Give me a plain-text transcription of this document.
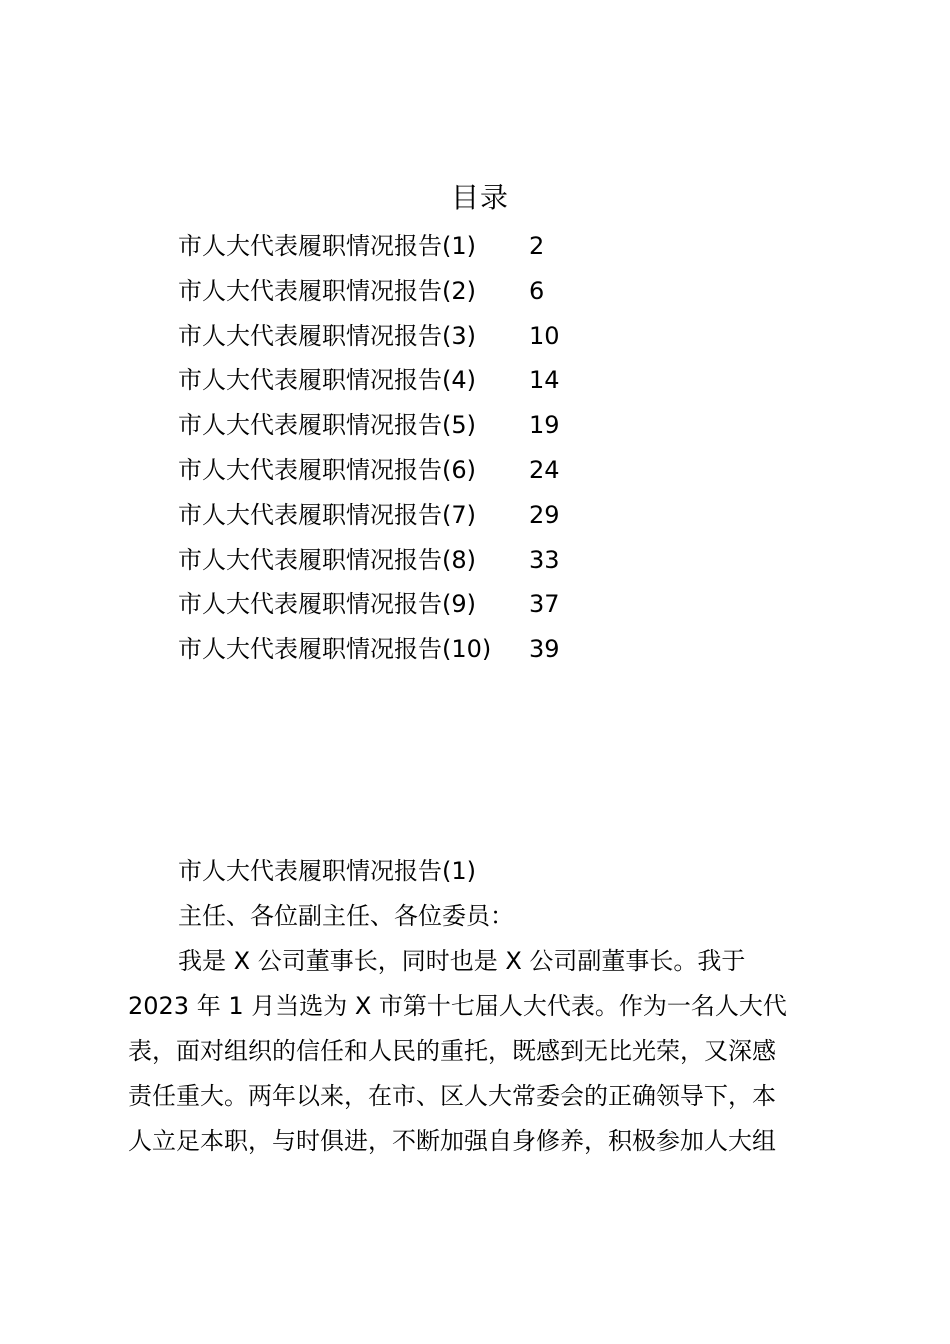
目录
市人大代表履职情况报告(1) 2
市人大代表履职情况报告(2) 6
市人大代表履职情况报告(3) 10
市人大代表履职情况报告(4) 14
市人大代表履职情况报告(5) 19
市人大代表履职情况报告(6) 24
市人大代表履职情况报告(7) 29
市人大代表履职情况报告(8) 33
市人大代表履职情况报告(9) 37
市人大代表履职情况报告(10) 39
市人大代表履职情况报告(1)
主任、各位副主任、各位委员：
我是 X 公司董事长，同时也是 X 公司副董事长。我于
2023 年 1 月当选为 X 市第十七届人大代表。作为一名人大代
表，面对组织的信任和人民的重托，既感到无比光荣，又深感
责任重大。两年以来，在市、区人大常委会的正确领导下，本
人立足本职，与时俱进，不断加强自身修养，积极参加人大组
